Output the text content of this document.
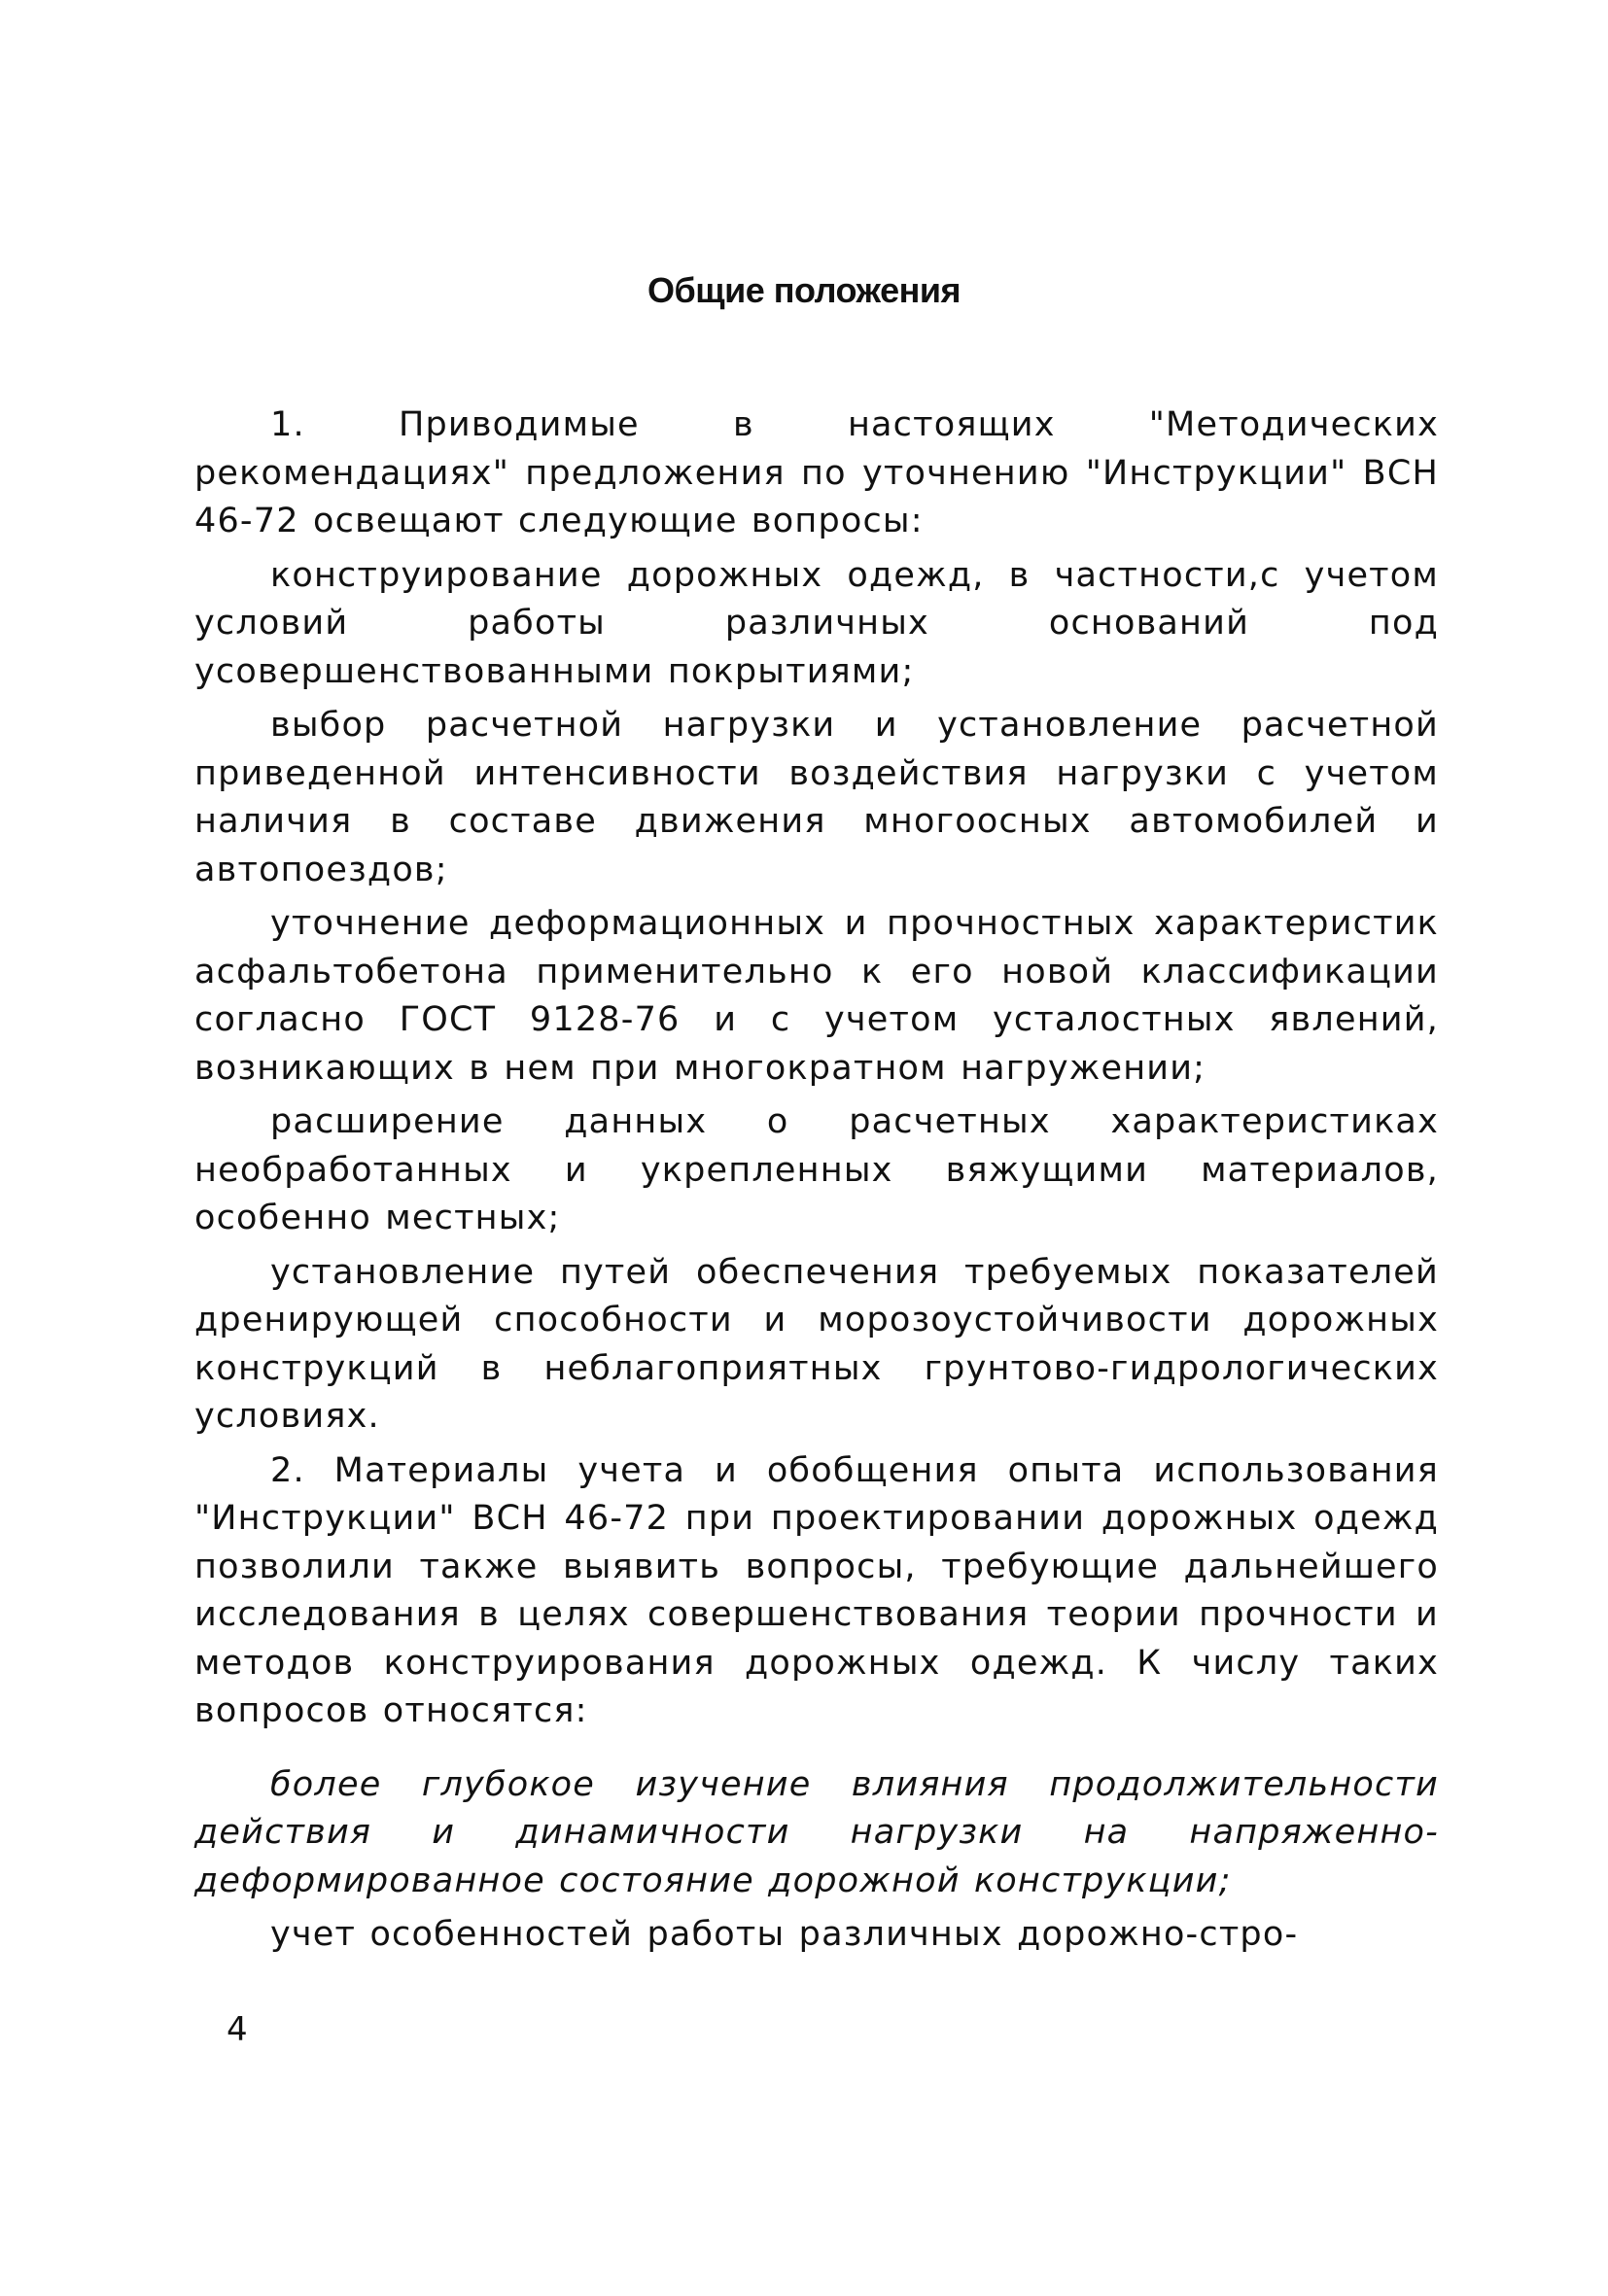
Общие положения

1. Приводимые в настоящих "Методических рекомендациях" предложения по уточнению "Инструкции" ВСН 46-72 освещают следующие вопросы:

конструирование дорожных одежд, в частности,с учетом условий работы различных оснований под усовершенствованными покрытиями;

выбор расчетной нагрузки и установление расчетной приведенной интенсивности воздействия нагрузки с учетом наличия в составе движения многоосных автомобилей и автопоездов;

уточнение деформационных и прочностных характеристик асфальтобетона применительно к его новой классификации согласно ГОСТ 9128-76 и с учетом усталостных явлений, возникающих в нем при многократном нагружении;

расширение данных о расчетных характеристиках необработанных и укрепленных вяжущими материалов, особенно местных;

установление путей обеспечения требуемых показателей дренирующей способности и морозоустойчивости дорожных конструкций в неблагоприятных грунтово-гидрологических условиях.

2. Материалы учета и обобщения опыта использования "Инструкции" ВСН 46-72 при проектировании дорожных одежд позволили также выявить вопросы, требующие дальнейшего исследования в целях совершенствования теории прочности и методов конструирования дорожных одежд. К числу таких вопросов относятся:

более глубокое изучение влияния продолжительности действия и динамичности нагрузки на напряженно-деформированное состояние дорожной конструкции;

учет особенностей работы различных дорожно-стро-

4
